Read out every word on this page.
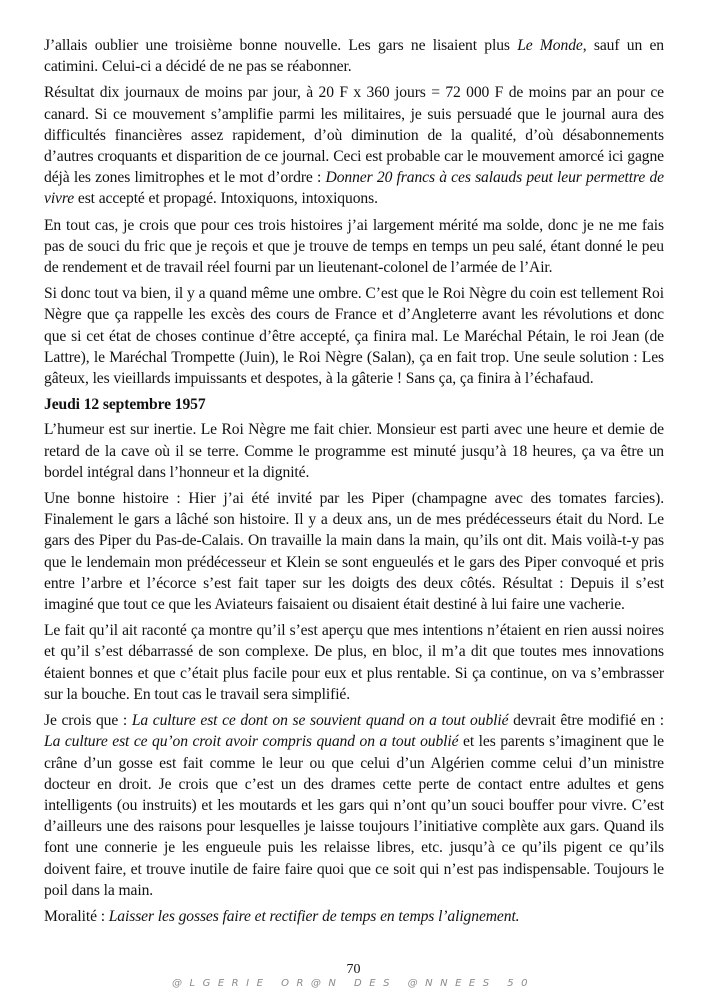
J’allais oublier une troisième bonne nouvelle. Les gars ne lisaient plus Le Monde, sauf un en catimini. Celui-ci a décidé de ne pas se réabonner.

Résultat dix journaux de moins par jour, à 20 F x 360 jours = 72 000 F de moins par an pour ce canard. Si ce mouvement s’amplifie parmi les militaires, je suis persuadé que le journal aura des difficultés financières assez rapidement, d’où diminution de la qualité, d’où désabonnements d’autres croquants et disparition de ce journal. Ceci est probable car le mouvement amorcé ici gagne déjà les zones limitrophes et le mot d’ordre : Donner 20 francs à ces salauds peut leur permettre de vivre est accepté et propagé. Intoxiquons, intoxiquons.

En tout cas, je crois que pour ces trois histoires j’ai largement mérité ma solde, donc je ne me fais pas de souci du fric que je reçois et que je trouve de temps en temps un peu salé, étant donné le peu de rendement et de travail réel fourni par un lieutenant-colonel de l’armée de l’Air.

Si donc tout va bien, il y a quand même une ombre. C’est que le Roi Nègre du coin est tellement Roi Nègre que ça rappelle les excès des cours de France et d’Angleterre avant les révolutions et donc que si cet état de choses continue d’être accepté, ça finira mal. Le Maréchal Pétain, le roi Jean (de Lattre), le Maréchal Trompette (Juin), le Roi Nègre (Salan), ça en fait trop. Une seule solution : Les gâteux, les vieillards impuissants et despotes, à la gâterie ! Sans ça, ça finira à l’échafaud.

Jeudi 12 septembre 1957

L’humeur est sur inertie. Le Roi Nègre me fait chier. Monsieur est parti avec une heure et demie de retard de la cave où il se terre. Comme le programme est minuté jusqu’à 18 heures, ça va être un bordel intégral dans l’honneur et la dignité.

Une bonne histoire : Hier j’ai été invité par les Piper (champagne avec des tomates farcies). Finalement le gars a lâché son histoire. Il y a deux ans, un de mes prédécesseurs était du Nord. Le gars des Piper du Pas-de-Calais. On travaille la main dans la main, qu’ils ont dit. Mais voilà-t-y pas que le lendemain mon prédécesseur et Klein se sont engueulés et le gars des Piper convoqué et pris entre l’arbre et l’écorce s’est fait taper sur les doigts des deux côtés. Résultat : Depuis il s’est imaginé que tout ce que les Aviateurs faisaient ou disaient était destiné à lui faire une vacherie.

Le fait qu’il ait raconté ça montre qu’il s’est aperçu que mes intentions n’étaient en rien aussi noires et qu’il s’est débarrassé de son complexe. De plus, en bloc, il m’a dit que toutes mes innovations étaient bonnes et que c’était plus facile pour eux et plus rentable. Si ça continue, on va s’embrasser sur la bouche. En tout cas le travail sera simplifié.

Je crois que : La culture est ce dont on se souvient quand on a tout oublié devrait être modifié en : La culture est ce qu’on croit avoir compris quand on a tout oublié et les parents s’imaginent que le crâne d’un gosse est fait comme le leur ou que celui d’un Algérien comme celui d’un ministre docteur en droit. Je crois que c’est un des drames cette perte de contact entre adultes et gens intelligents (ou instruits) et les moutards et les gars qui n’ont qu’un souci bouffer pour vivre. C’est d’ailleurs une des raisons pour lesquelles je laisse toujours l’initiative complète aux gars. Quand ils font une connerie je les engueule puis les relaisse libres, etc. jusqu’à ce qu’ils pigent ce qu’ils doivent faire, et trouve inutile de faire faire quoi que ce soit qui n’est pas indispensable. Toujours le poil dans la main.

Moralité : Laisser les gosses faire et rectifier de temps en temps l’alignement.

70
@LGERIE OR@N DES @NNEES 50
